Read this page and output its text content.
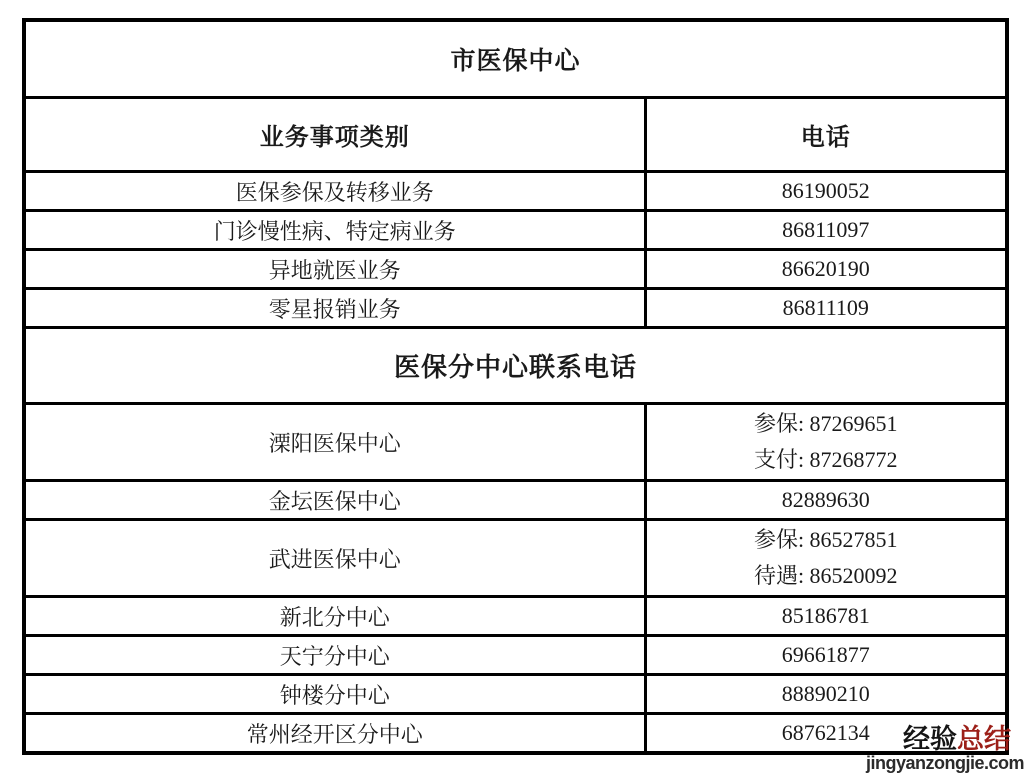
市医保中心	
业务事项类别	电话
医保参保及转移业务	86190052
门诊慢性病、特定病业务	86811097
异地就医业务	86620190
零星报销业务	86811109
医保分中心联系电话	
溧阳医保中心	参保: 87269651
支付: 87268772

金坛医保中心	82889630
武进医保中心	参保: 86527851
待遇: 86520092

新北分中心	85186781
天宁分中心	69661877
钟楼分中心	88890210
常州经开区分中心	68762134 经验总结
jingyanzongjie.com
